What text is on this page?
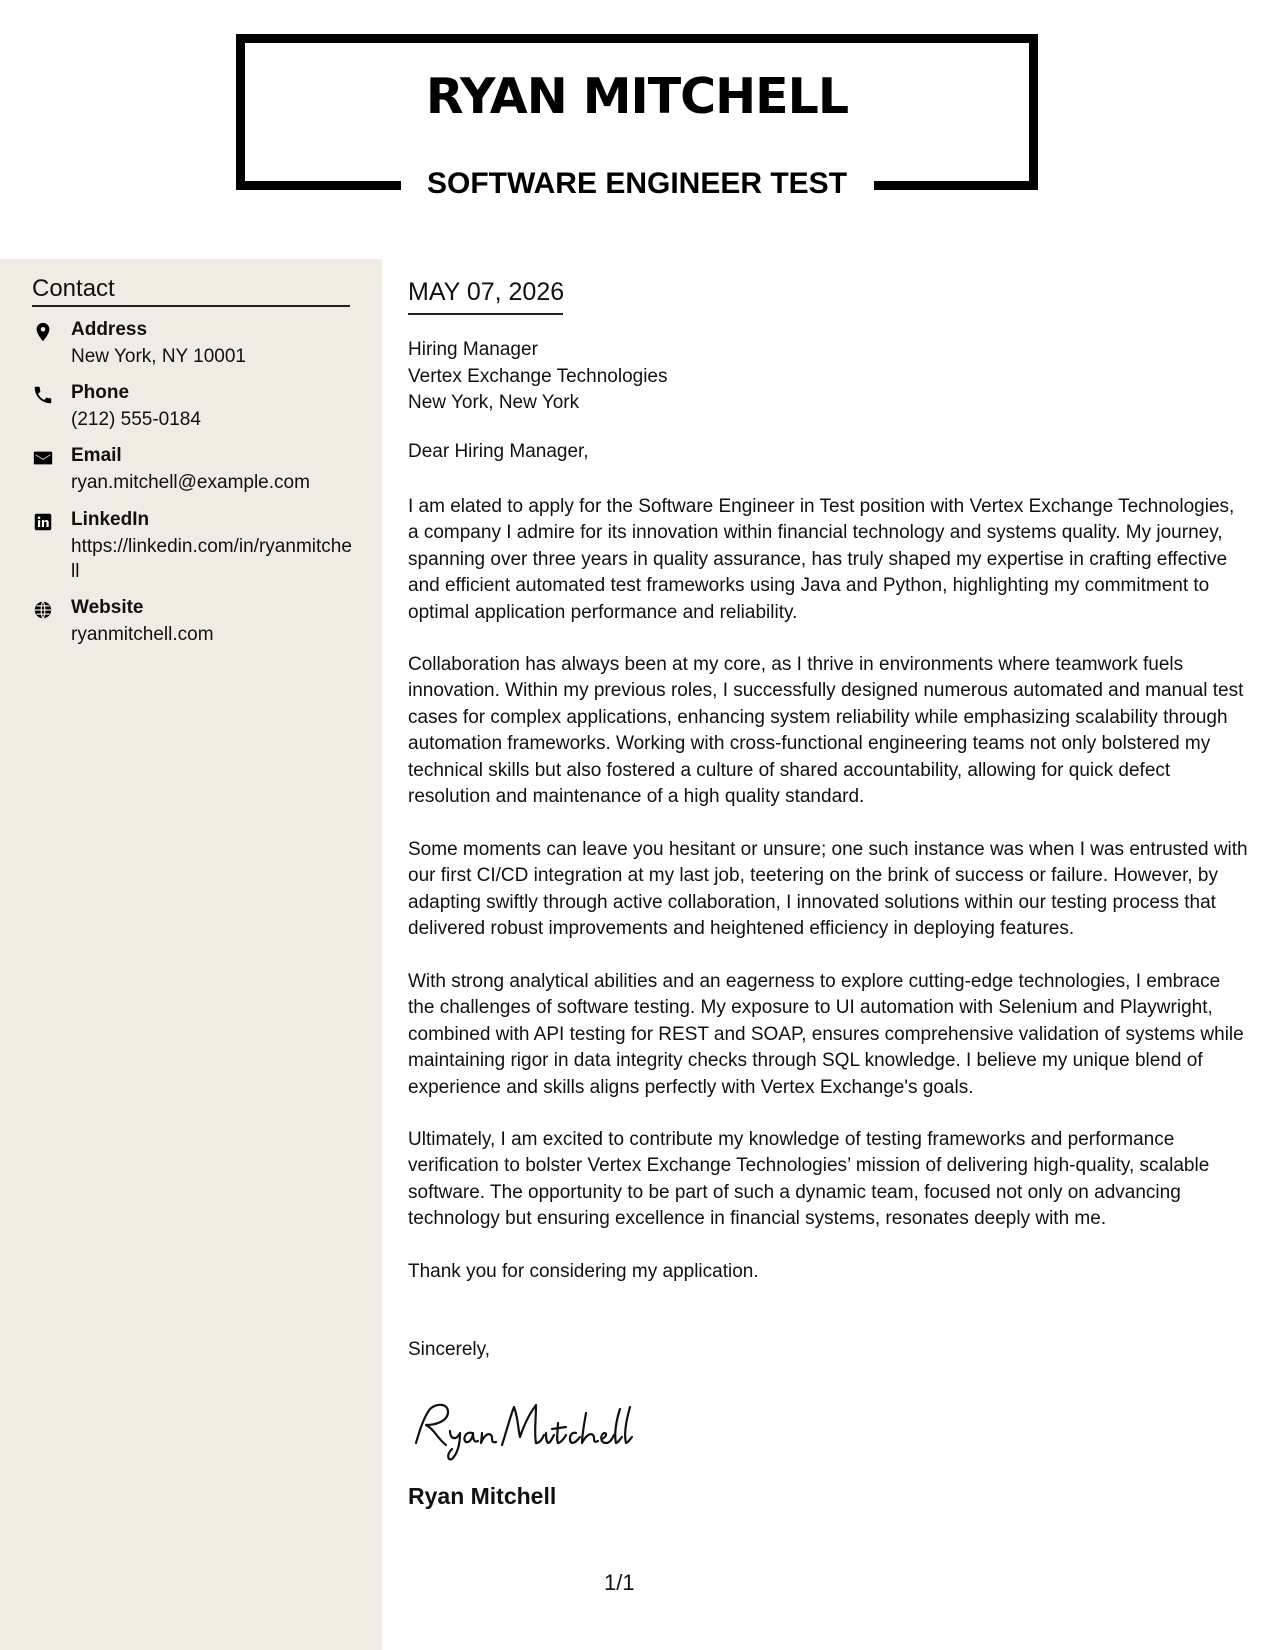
RYAN MITCHELL
SOFTWARE ENGINEER TEST
Contact
Address
New York, NY 10001
Phone
(212) 555-0184
Email
ryan.mitchell@example.com
LinkedIn
https://linkedin.com/in/ryanmitchell
Website
ryanmitchell.com
MAY 07, 2026
Hiring Manager
Vertex Exchange Technologies
New York, New York
Dear Hiring Manager,

I am elated to apply for the Software Engineer in Test position with Vertex Exchange Technologies, a company I admire for its innovation within financial technology and systems quality. My journey, spanning over three years in quality assurance, has truly shaped my expertise in crafting effective and efficient automated test frameworks using Java and Python, highlighting my commitment to optimal application performance and reliability.

Collaboration has always been at my core, as I thrive in environments where teamwork fuels innovation. Within my previous roles, I successfully designed numerous automated and manual test cases for complex applications, enhancing system reliability while emphasizing scalability through automation frameworks. Working with cross-functional engineering teams not only bolstered my technical skills but also fostered a culture of shared accountability, allowing for quick defect resolution and maintenance of a high quality standard.

Some moments can leave you hesitant or unsure; one such instance was when I was entrusted with our first CI/CD integration at my last job, teetering on the brink of success or failure. However, by adapting swiftly through active collaboration, I innovated solutions within our testing process that delivered robust improvements and heightened efficiency in deploying features.

With strong analytical abilities and an eagerness to explore cutting-edge technologies, I embrace the challenges of software testing. My exposure to UI automation with Selenium and Playwright, combined with API testing for REST and SOAP, ensures comprehensive validation of systems while maintaining rigor in data integrity checks through SQL knowledge. I believe my unique blend of experience and skills aligns perfectly with Vertex Exchange's goals.

Ultimately, I am excited to contribute my knowledge of testing frameworks and performance verification to bolster Vertex Exchange Technologies’ mission of delivering high-quality, scalable software. The opportunity to be part of such a dynamic team, focused not only on advancing technology but ensuring excellence in financial systems, resonates deeply with me.

Thank you for considering my application.

Sincerely,
Ryan Mitchell
Ryan Mitchell
1/1
